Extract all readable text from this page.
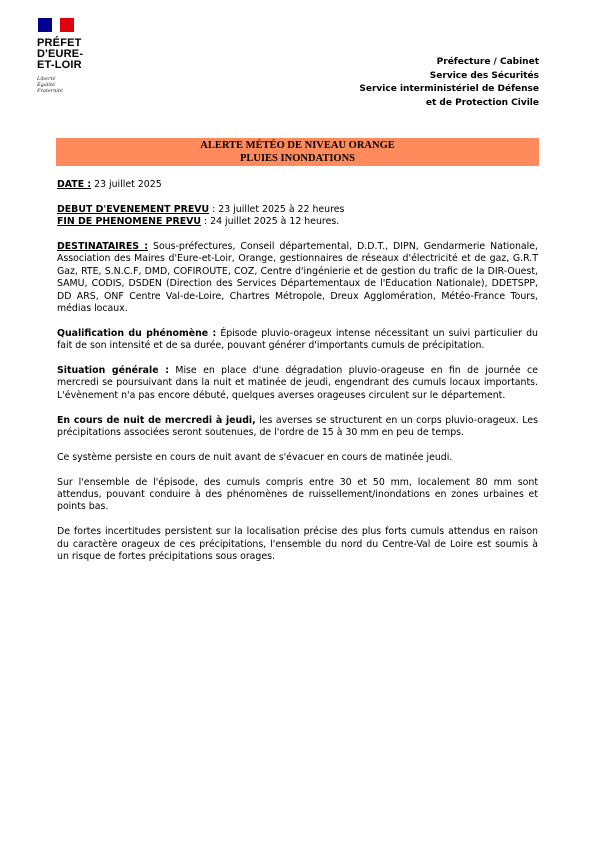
PRÉFET
D'EURE-
ET-LOIR
Liberté
Égalité
Fraternité
Préfecture / Cabinet
Service des Sécurités
Service interministériel de Défense
et de Protection Civile
ALERTE MÉTÉO DE NIVEAU ORANGE
PLUIES INONDATIONS

DATE : 23 juillet 2025

DEBUT D'EVENEMENT PREVU : 23 juillet 2025 à 22 heures

FIN DE PHENOMENE PREVU : 24 juillet 2025 à 12 heures.

DESTINATAIRES : Sous-préfectures, Conseil départemental, D.D.T., DIPN, Gendarmerie Nationale, Association des Maires d'Eure-et-Loir, Orange, gestionnaires de réseaux d'électricité et de gaz, G.R.T Gaz, RTE, S.N.C.F, DMD, COFIROUTE, COZ, Centre d'ingénierie et de gestion du trafic de la DIR-Ouest, SAMU, CODIS, DSDEN (Direction des Services Départementaux de l'Education Nationale), DDETSPP, DD ARS, ONF Centre Val-de-Loire, Chartres Métropole, Dreux Agglomération, Météo-France Tours, médias locaux.

Qualification du phénomène : Épisode pluvio-orageux intense nécessitant un suivi particulier du fait de son intensité et de sa durée, pouvant générer d'importants cumuls de précipitation.

Situation générale : Mise en place d'une dégradation pluvio-orageuse en fin de journée ce mercredi se poursuivant dans la nuit et matinée de jeudi, engendrant des cumuls locaux importants. L'évènement n'a pas encore débuté, quelques averses orageuses circulent sur le département.

En cours de nuit de mercredi à jeudi, les averses se structurent en un corps pluvio-orageux. Les précipitations associées seront soutenues, de l'ordre de 15 à 30 mm en peu de temps.

Ce système persiste en cours de nuit avant de s'évacuer en cours de matinée jeudi.

Sur l'ensemble de l'épisode, des cumuls compris entre 30 et 50 mm, localement 80 mm sont attendus, pouvant conduire à des phénomènes de ruissellement/inondations en zones urbaines et points bas.

De fortes incertitudes persistent sur la localisation précise des plus forts cumuls attendus en raison du caractère orageux de ces précipitations, l'ensemble du nord du Centre-Val de Loire est soumis à un risque de fortes précipitations sous orages.
